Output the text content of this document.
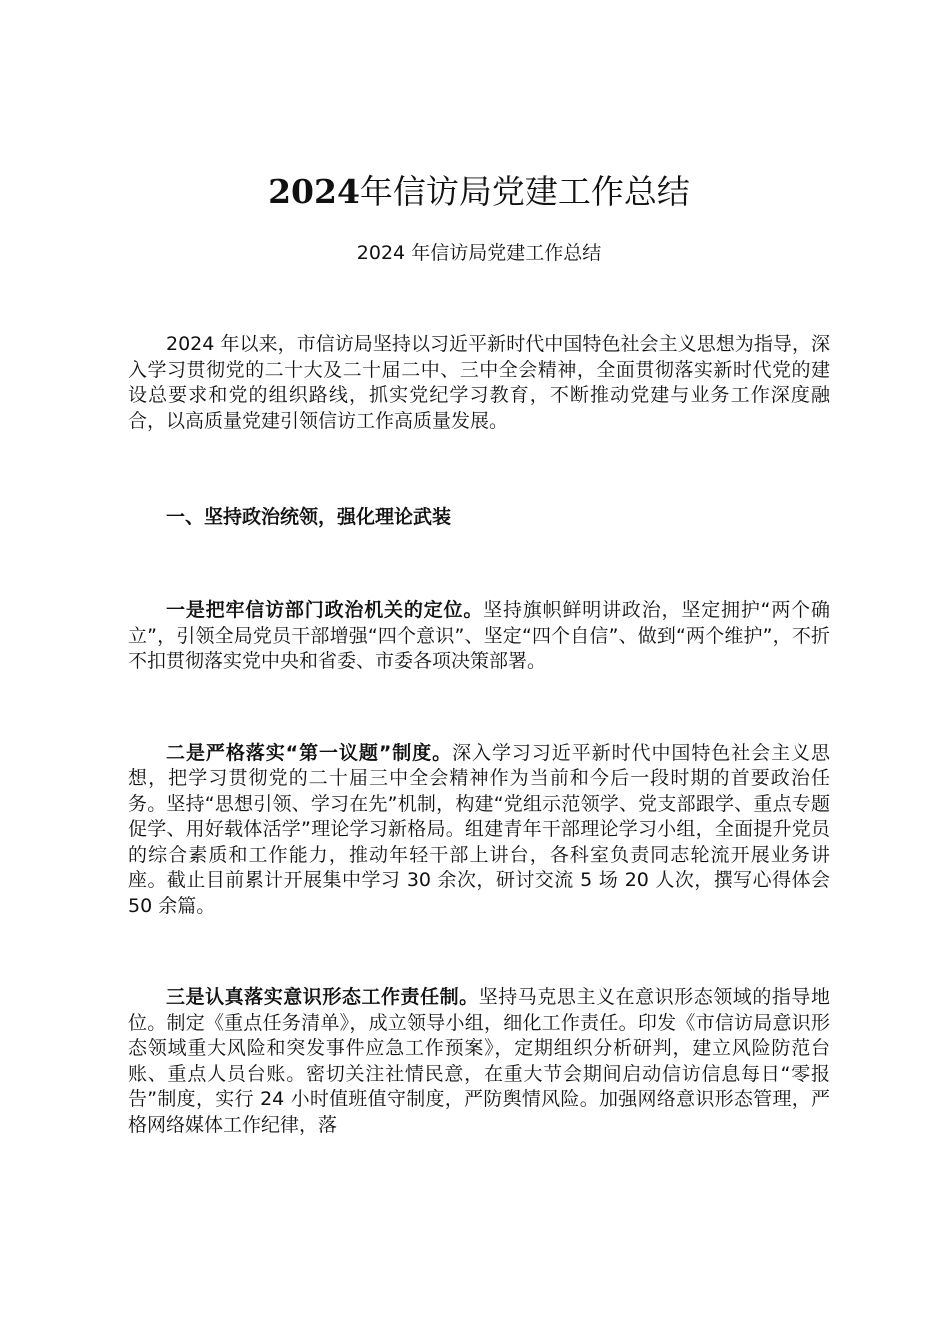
2024年信访局党建工作总结

2024 年信访局党建工作总结

2024 年以来，市信访局坚持以习近平新时代中国特色社会主义思想为指导，深入学习贯彻党的二十大及二十届二中、三中全会精神，全面贯彻落实新时代党的建设总要求和党的组织路线，抓实党纪学习教育，不断推动党建与业务工作深度融合，以高质量党建引领信访工作高质量发展。

一、坚持政治统领，强化理论武装

一是把牢信访部门政治机关的定位。坚持旗帜鲜明讲政治，坚定拥护“两个确立”，引领全局党员干部增强“四个意识”、坚定“四个自信”、做到“两个维护”，不折不扣贯彻落实党中央和省委、市委各项决策部署。

二是严格落实“第一议题”制度。深入学习习近平新时代中国特色社会主义思想，把学习贯彻党的二十届三中全会精神作为当前和今后一段时期的首要政治任务。坚持“思想引领、学习在先”机制，构建“党组示范领学、党支部跟学、重点专题促学、用好载体活学”理论学习新格局。组建青年干部理论学习小组，全面提升党员的综合素质和工作能力，推动年轻干部上讲台，各科室负责同志轮流开展业务讲座。截止目前累计开展集中学习 30 余次，研讨交流 5 场 20 人次，撰写心得体会 50 余篇。

三是认真落实意识形态工作责任制。坚持马克思主义在意识形态领域的指导地位。制定《重点任务清单》，成立领导小组，细化工作责任。印发《市信访局意识形态领域重大风险和突发事件应急工作预案》，定期组织分析研判，建立风险防范台账、重点人员台账。密切关注社情民意，在重大节会期间启动信访信息每日“零报告”制度，实行 24 小时值班值守制度，严防舆情风险。加强网络意识形态管理，严格网络媒体工作纪律，落
